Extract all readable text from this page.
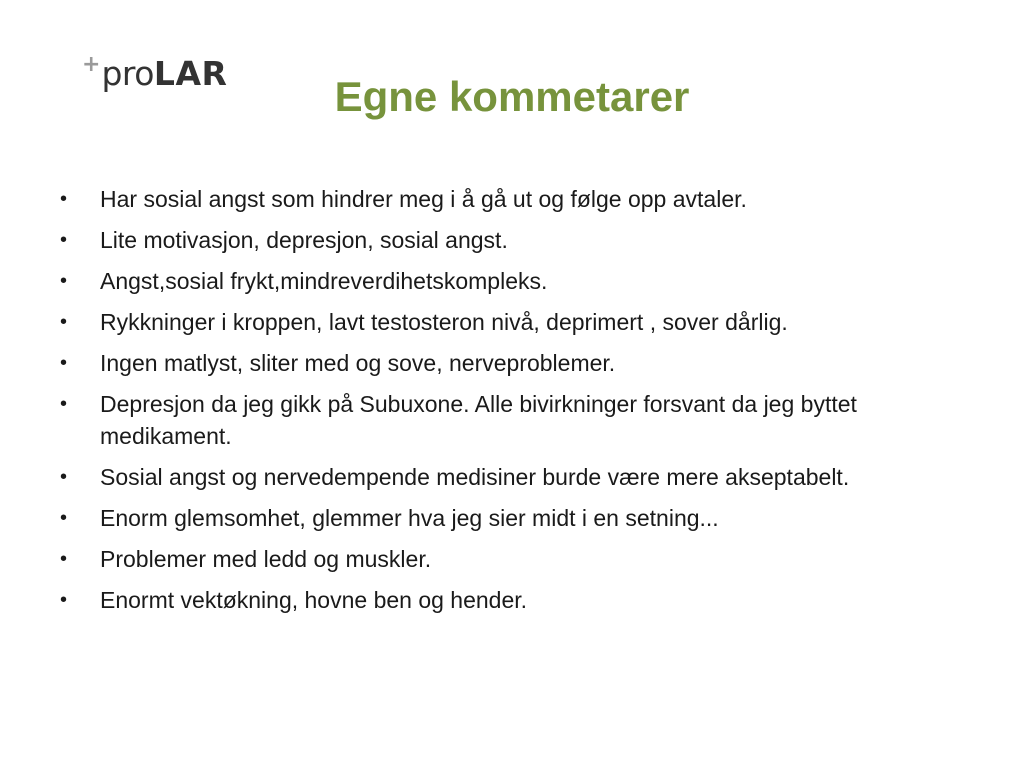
+ pro LAR	Egne kommetarer
•	Har sosial angst som hindrer meg i å gå ut og følge opp avtaler.
•	Lite motivasjon, depresjon, sosial angst.
•	Angst,sosial frykt,mindreverdihetskompleks.
•	Rykkninger i kroppen, lavt testosteron nivå, deprimert , sover dårlig.
•	Ingen matlyst, sliter med og sove, nerveproblemer.
•	Depresjon da jeg gikk på Subuxone. Alle bivirkninger forsvant da jeg byttet medikament.
•	Sosial angst og nervedempende medisiner burde være mere akseptabelt.
•	Enorm glemsomhet, glemmer hva jeg sier midt i en setning...
•	Problemer med ledd og muskler.
•	Enormt vektøkning, hovne ben og hender.
